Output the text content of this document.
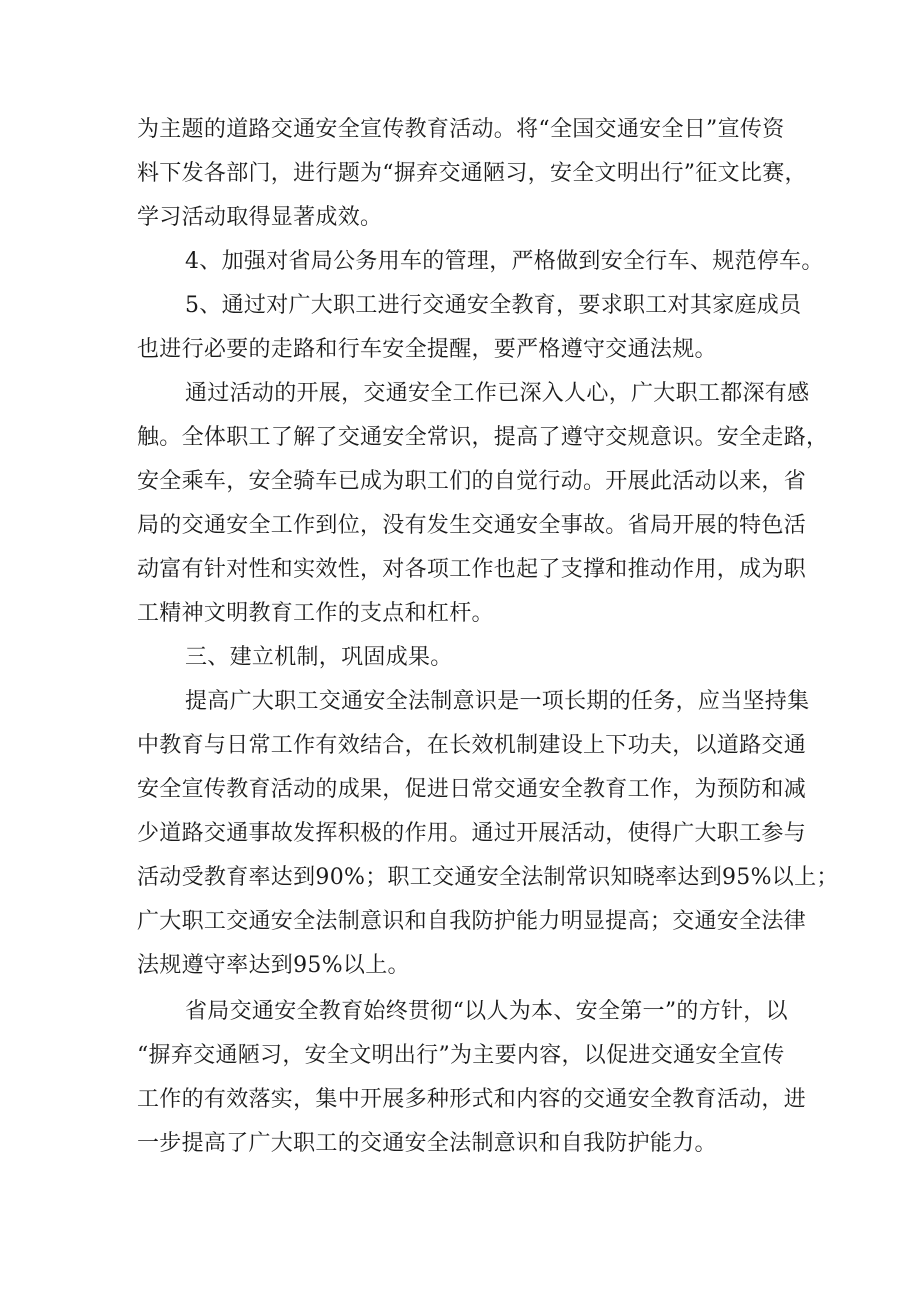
为主题的道路交通安全宣传教育活动。将“全国交通安全日”宣传资
料下发各部门，进行题为“摒弃交通陋习，安全文明出行”征文比赛，
学习活动取得显著成效。

4、加强对省局公务用车的管理，严格做到安全行车、规范停车。

5、通过对广大职工进行交通安全教育，要求职工对其家庭成员
也进行必要的走路和行车安全提醒，要严格遵守交通法规。

通过活动的开展，交通安全工作已深入人心，广大职工都深有感
触。全体职工了解了交通安全常识，提高了遵守交规意识。安全走路，
安全乘车，安全骑车已成为职工们的自觉行动。开展此活动以来，省
局的交通安全工作到位，没有发生交通安全事故。省局开展的特色活
动富有针对性和实效性，对各项工作也起了支撑和推动作用，成为职
工精神文明教育工作的支点和杠杆。

三、建立机制，巩固成果。

提高广大职工交通安全法制意识是一项长期的任务，应当坚持集
中教育与日常工作有效结合，在长效机制建设上下功夫，以道路交通
安全宣传教育活动的成果，促进日常交通安全教育工作，为预防和减
少道路交通事故发挥积极的作用。通过开展活动，使得广大职工参与
活动受教育率达到90%；职工交通安全法制常识知晓率达到95%以上；
广大职工交通安全法制意识和自我防护能力明显提高；交通安全法律
法规遵守率达到95%以上。

省局交通安全教育始终贯彻“以人为本、安全第一”的方针，以
“摒弃交通陋习，安全文明出行”为主要内容，以促进交通安全宣传
工作的有效落实，集中开展多种形式和内容的交通安全教育活动，进
一步提高了广大职工的交通安全法制意识和自我防护能力。
